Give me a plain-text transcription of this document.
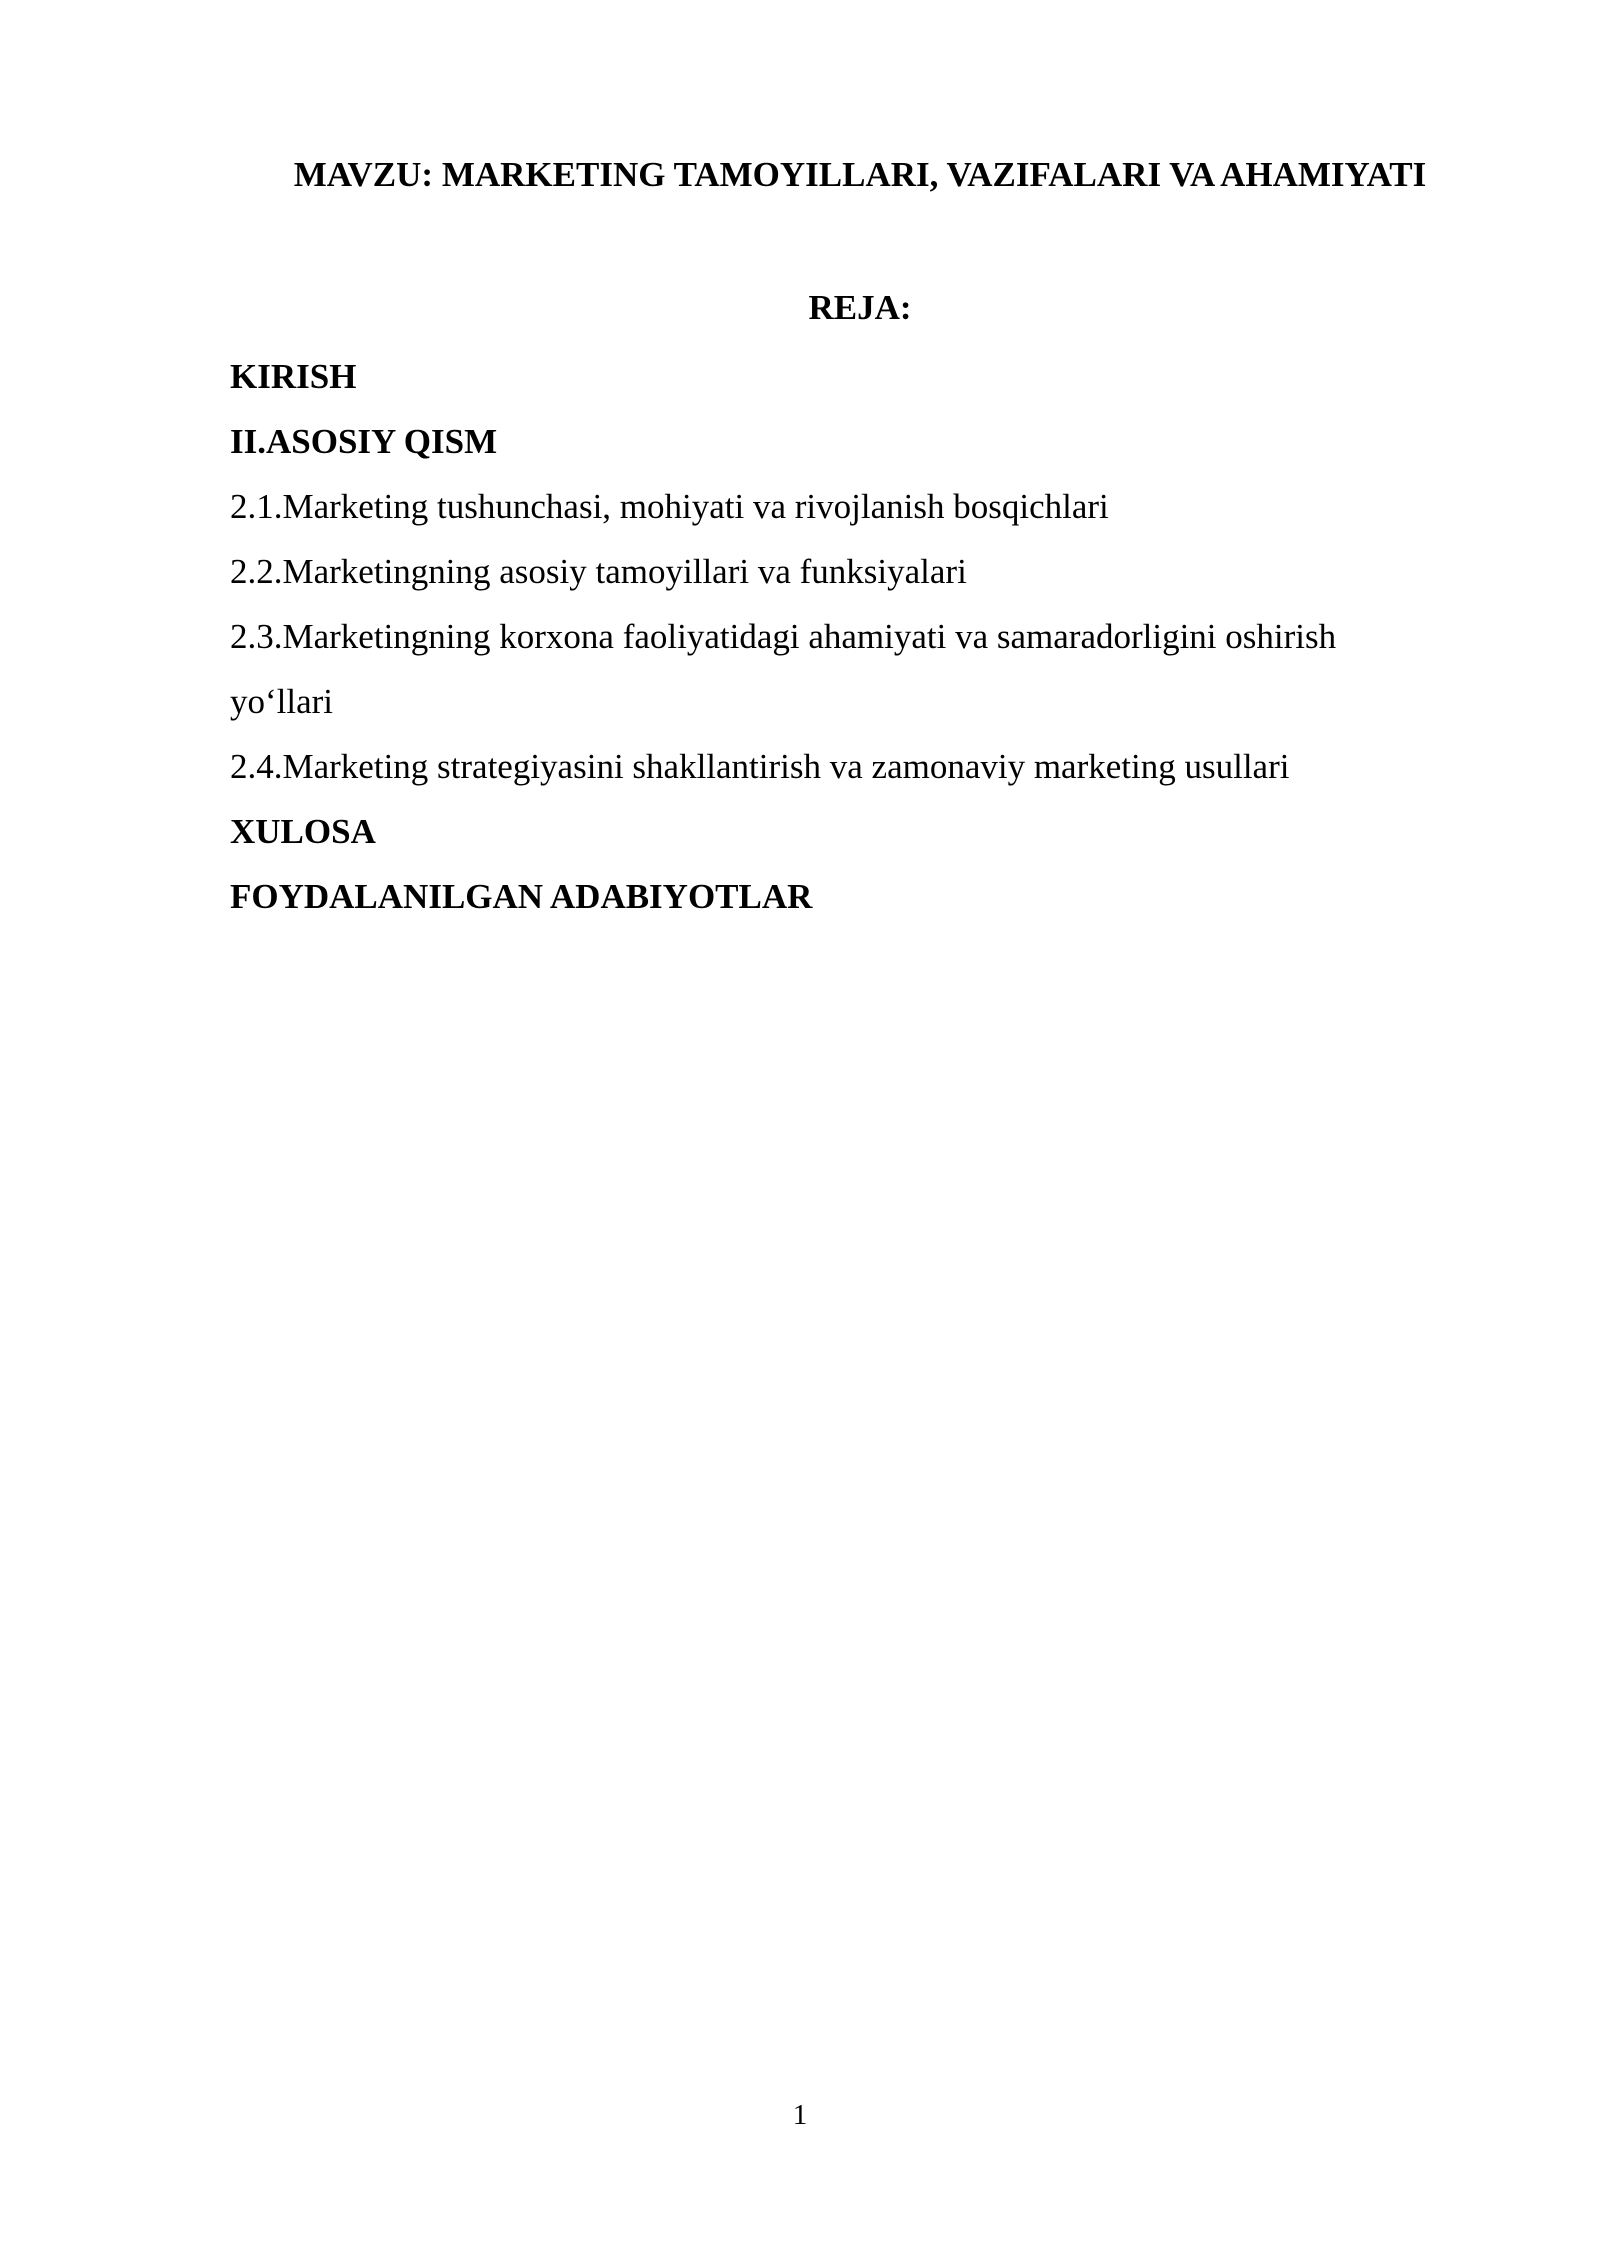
MAVZU: MARKETING TAMOYILLARI, VAZIFALARI VA AHAMIYATI
REJA:
KIRISH
II.ASOSIY QISM
2.1.Marketing tushunchasi, mohiyati va rivojlanish bosqichlari
2.2.Marketingning asosiy tamoyillari va funksiyalari
2.3.Marketingning korxona faoliyatidagi ahamiyati va samaradorligini oshirish
yo‘llari
2.4.Marketing strategiyasini shakllantirish va zamonaviy marketing usullari
XULOSA
FOYDALANILGAN ADABIYOTLAR
1
